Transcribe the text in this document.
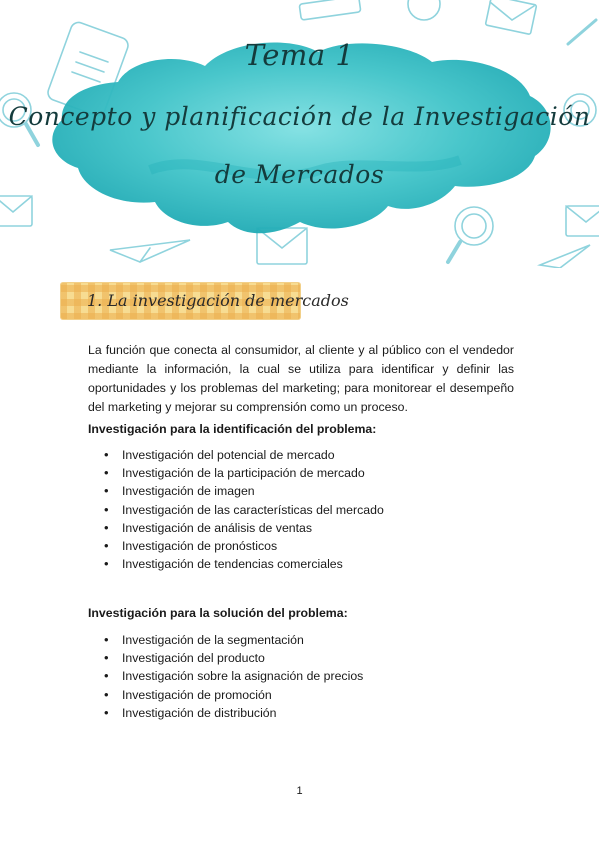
Tema 1
Concepto y planificación de la Investigación
de Mercados
1. La investigación de mercados

La función que conecta al consumidor, al cliente y al público con el vendedor mediante la información, la cual se utiliza para identificar y definir las oportunidades y los problemas del marketing; para monitorear el desempeño del marketing y mejorar su comprensión como un proceso.

Investigación para la identificación del problema:
• Investigación del potencial de mercado
• Investigación de la participación de mercado
• Investigación de imagen
• Investigación de las características del mercado
• Investigación de análisis de ventas
• Investigación de pronósticos
• Investigación de tendencias comerciales
Investigación para la solución del problema:
• Investigación de la segmentación
• Investigación del producto
• Investigación sobre la asignación de precios
• Investigación de promoción
• Investigación de distribución
1
